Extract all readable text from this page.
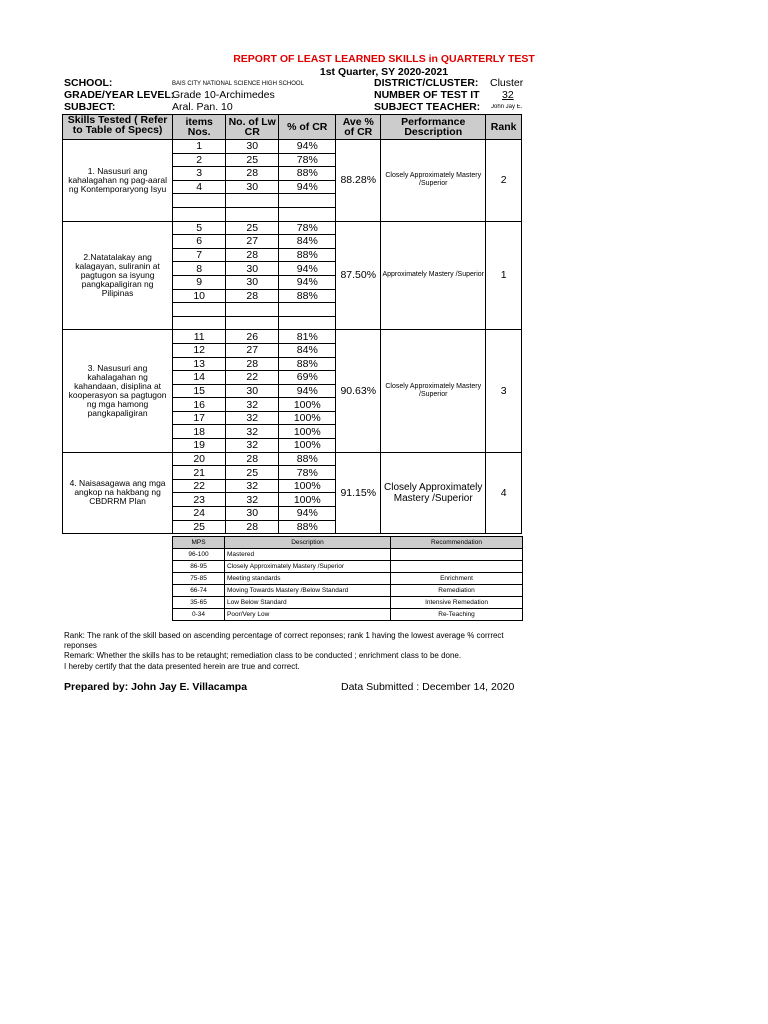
REPORT OF LEAST LEARNED SKILLS in QUARTERLY TEST
1st Quarter, SY 2020-2021
SCHOOL:	BAIS CITY NATIONAL SCIENCE HIGH SCHOOL
GRADE/YEAR LEVEL:
Grade 10-Archimedes
SUBJECT:	Aral. Pan. 10
DISTRICT/CLUSTER: Cluster
NUMBER OF TEST IT 32
SUBJECT TEACHER: John Jay E.
Skills Tested ( Refer to Table of Specs)	items Nos.	No. of Lw CR	% of CR	Ave % of CR	Performance Description	Rank
1. Nasusuri ang kahalagahan ng pag-aaral ng Kontemporaryong Isyu	1	30	94%	88.28%	Closely Approximately Mastery /Superior	2
	2	25	78%			
	3	28	88%			
	4	30	94%			

2.Natatalakay ang kalagayan, suliranin at pagtugon sa isyung pangkapaligiran ng Pilipinas	5	25	78%	87.50%	Approximately Mastery /Superior	1
	6	27	84%			
	7	28	88%			
	8	30	94%			
	9	30	94%			
	10	28	88%			

3. Nasusuri ang kahalagahan ng kahandaan, disiplina at kooperasyon sa pagtugon ng mga hamong pangkapaligiran	11	26	81%	90.63%	Closely Approximately Mastery /Superior	3
	12	27	84%			
	13	28	88%			
	14	22	69%			
	15	30	94%			
	16	32	100%			
	17	32	100%			
	18	32	100%			
	19	32	100%			
4. Naisasagawa ang mga angkop na hakbang ng CBDRRM Plan	20	28	88%	91.15%	Closely Approximately Mastery /Superior	4
	21	25	78%			
	22	32	100%			
	23	32	100%			
	24	30	94%			
	25	28	88%			
MPS	Description	Recommendation
96-100	Mastered	
86-95	Closely Approximately Mastery /Superior	
75-85	Meeting standards	Enrichment
66-74	Moving Towards Mastery /Below Standard	Remediation
35-65	Low Below Standard	Intensive Remedation
0-34	Poor/Very Low	Re-Teaching
Rank: The rank of the skill based on ascending percentage of correct reponses; rank 1 having the lowest average % corrrect reponses
Remark: Whether the skills has to be retaught; remediation class to be conducted ; enrichment class to be done.
I hereby certify that the data presented herein are true and correct.
Prepared by: John Jay E. Villacampa	Data Submitted : December 14, 2020
